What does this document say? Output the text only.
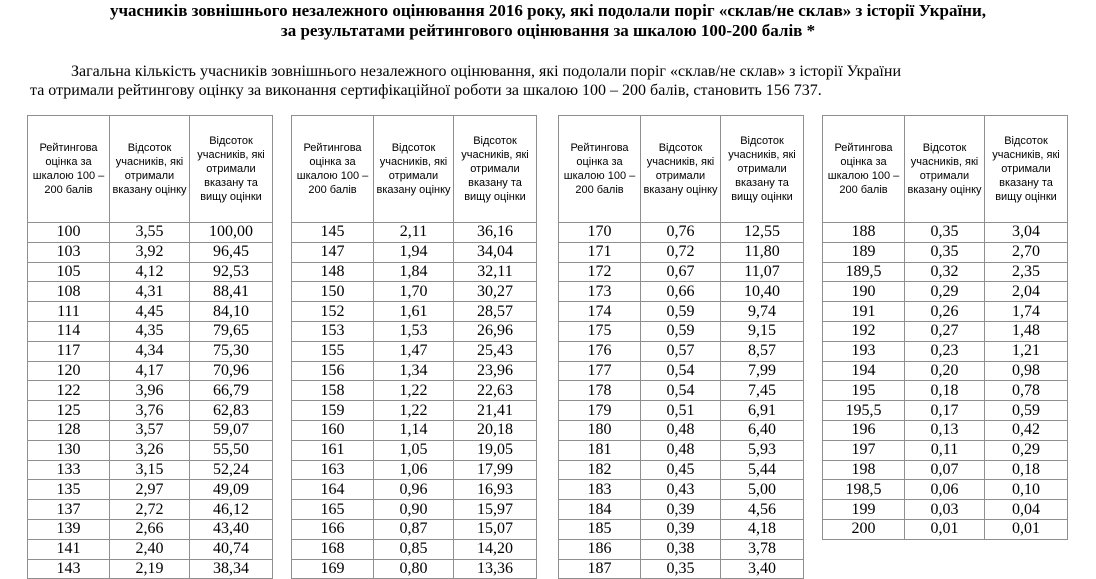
учасників зовнішнього незалежного оцінювання 2016 року, які подолали поріг «склав/не склав» з історії України,
за результатами рейтингового оцінювання за шкалою 100-200 балів *
Загальна кількість учасників зовнішнього незалежного оцінювання, які подолали поріг «склав/не склав» з історії України
та отримали рейтингову оцінку за виконання сертифікаційної роботи за шкалою 100 – 200 балів, становить 156 737.
Рейтингова оцінка за шкалою 100 – 200 балів	Відсоток учасників, які отримали вказану оцінку	Відсоток учасників, які отримали вказану та вищу оцінки
100	3,55	100,00
103	3,92	96,45
105	4,12	92,53
108	4,31	88,41
111	4,45	84,10
114	4,35	79,65
117	4,34	75,30
120	4,17	70,96
122	3,96	66,79
125	3,76	62,83
128	3,57	59,07
130	3,26	55,50
133	3,15	52,24
135	2,97	49,09
137	2,72	46,12
139	2,66	43,40
141	2,40	40,74
143	2,19	38,34
Рейтингова оцінка за шкалою 100 – 200 балів	Відсоток учасників, які отримали вказану оцінку	Відсоток учасників, які отримали вказану та вищу оцінки
145	2,11	36,16
147	1,94	34,04
148	1,84	32,11
150	1,70	30,27
152	1,61	28,57
153	1,53	26,96
155	1,47	25,43
156	1,34	23,96
158	1,22	22,63
159	1,22	21,41
160	1,14	20,18
161	1,05	19,05
163	1,06	17,99
164	0,96	16,93
165	0,90	15,97
166	0,87	15,07
168	0,85	14,20
169	0,80	13,36
Рейтингова оцінка за шкалою 100 – 200 балів	Відсоток учасників, які отримали вказану оцінку	Відсоток учасників, які отримали вказану та вищу оцінки
170	0,76	12,55
171	0,72	11,80
172	0,67	11,07
173	0,66	10,40
174	0,59	9,74
175	0,59	9,15
176	0,57	8,57
177	0,54	7,99
178	0,54	7,45
179	0,51	6,91
180	0,48	6,40
181	0,48	5,93
182	0,45	5,44
183	0,43	5,00
184	0,39	4,56
185	0,39	4,18
186	0,38	3,78
187	0,35	3,40
Рейтингова оцінка за шкалою 100 – 200 балів	Відсоток учасників, які отримали вказану оцінку	Відсоток учасників, які отримали вказану та вищу оцінки
188	0,35	3,04
189	0,35	2,70
189,5	0,32	2,35
190	0,29	2,04
191	0,26	1,74
192	0,27	1,48
193	0,23	1,21
194	0,20	0,98
195	0,18	0,78
195,5	0,17	0,59
196	0,13	0,42
197	0,11	0,29
198	0,07	0,18
198,5	0,06	0,10
199	0,03	0,04
200	0,01	0,01
